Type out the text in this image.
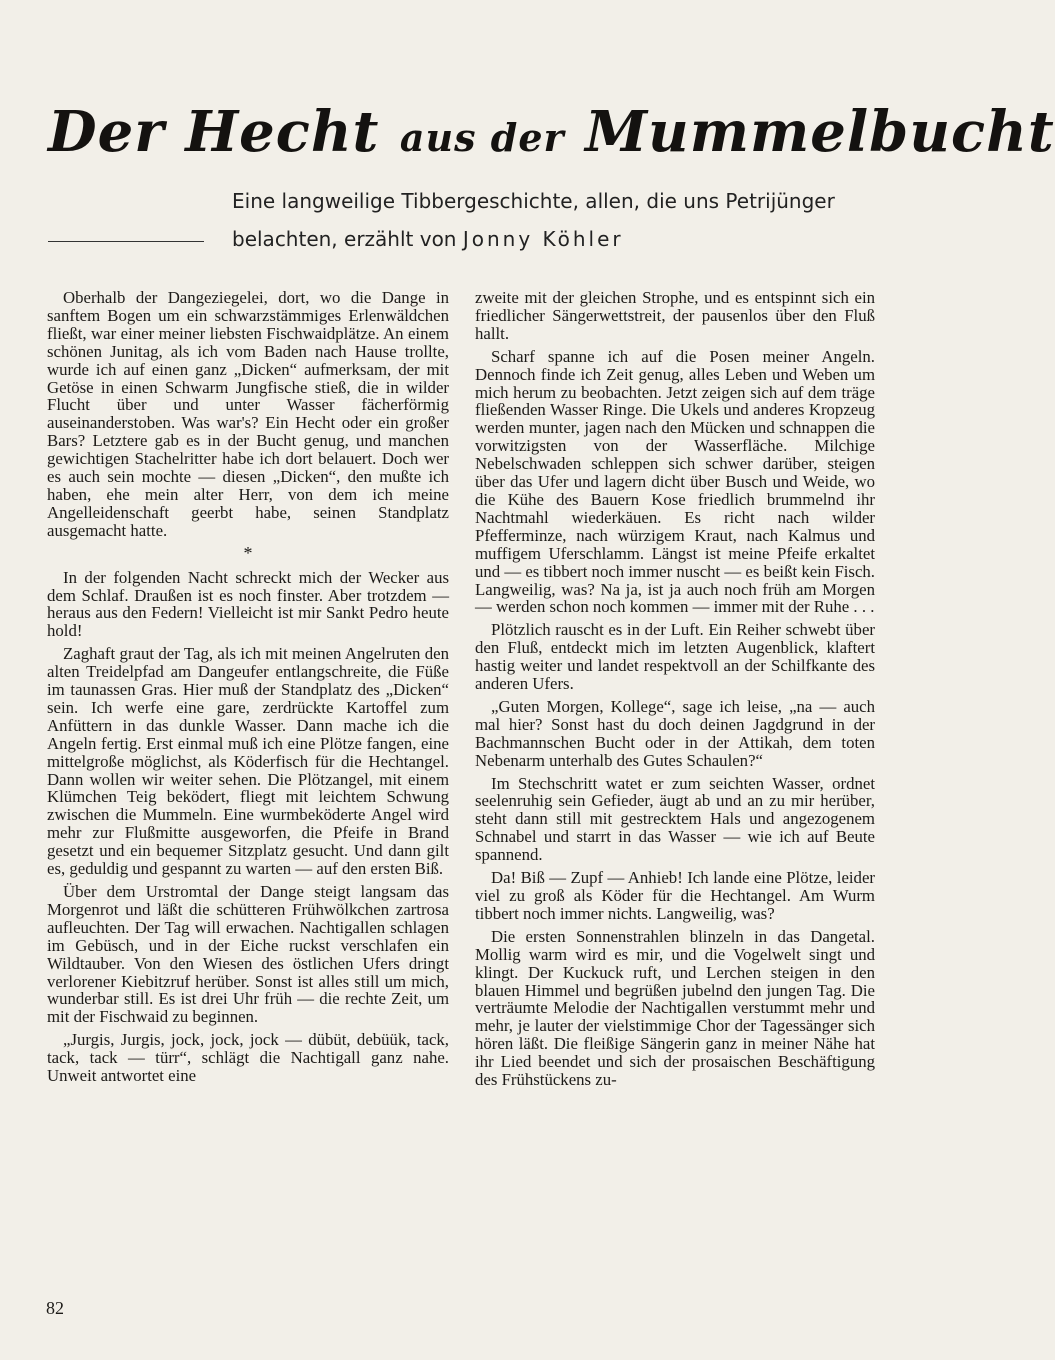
Der Hecht aus der Mummelbucht
Eine langweilige Tibbergeschichte, allen, die uns Petrijünger
belachten, erzählt von Jonny Köhler

Oberhalb der Dangeziegelei, dort, wo die Dange in sanftem Bogen um ein schwarzstämmiges Erlenwäldchen fließt, war einer meiner liebsten Fischwaidplätze. An einem schönen Junitag, als ich vom Baden nach Hause trollte, wurde ich auf einen ganz „Dicken“ aufmerksam, der mit Getöse in einen Schwarm Jungfische stieß, die in wilder Flucht über und unter Wasser fächerförmig auseinanderstoben. Was war's? Ein Hecht oder ein großer Bars? Letztere gab es in der Bucht genug, und manchen gewichtigen Stachelritter habe ich dort belauert. Doch wer es auch sein mochte — diesen „Dicken“, den mußte ich haben, ehe mein alter Herr, von dem ich meine Angelleidenschaft geerbt habe, seinen Standplatz ausgemacht hatte.

*

In der folgenden Nacht schreckt mich der Wecker aus dem Schlaf. Draußen ist es noch finster. Aber trotzdem — heraus aus den Federn! Vielleicht ist mir Sankt Pedro heute hold!

Zaghaft graut der Tag, als ich mit meinen Angelruten den alten Treidelpfad am Dangeufer entlangschreite, die Füße im taunassen Gras. Hier muß der Standplatz des „Dicken“ sein. Ich werfe eine gare, zerdrückte Kartoffel zum Anfüttern in das dunkle Wasser. Dann mache ich die Angeln fertig. Erst einmal muß ich eine Plötze fangen, eine mittelgroße möglichst, als Köderfisch für die Hechtangel. Dann wollen wir weiter sehen. Die Plötzangel, mit einem Klümchen Teig beködert, fliegt mit leichtem Schwung zwischen die Mummeln. Eine wurmbeköderte Angel wird mehr zur Flußmitte ausgeworfen, die Pfeife in Brand gesetzt und ein bequemer Sitzplatz gesucht. Und dann gilt es, geduldig und gespannt zu warten — auf den ersten Biß.

Über dem Urstromtal der Dange steigt langsam das Morgenrot und läßt die schütteren Frühwölkchen zartrosa aufleuchten. Der Tag will erwachen. Nachtigallen schlagen im Gebüsch, und in der Eiche ruckst verschlafen ein Wildtauber. Von den Wiesen des östlichen Ufers dringt verlorener Kiebitzruf herüber. Sonst ist alles still um mich, wunderbar still. Es ist drei Uhr früh — die rechte Zeit, um mit der Fischwaid zu beginnen.

„Jurgis, Jurgis, jock, jock, jock — dübüt, debüük, tack, tack, tack — türr“, schlägt die Nachtigall ganz nahe. Unweit antwortet eine

zweite mit der gleichen Strophe, und es entspinnt sich ein friedlicher Sängerwettstreit, der pausenlos über den Fluß hallt.

Scharf spanne ich auf die Posen meiner Angeln. Dennoch finde ich Zeit genug, alles Leben und Weben um mich herum zu beobachten. Jetzt zeigen sich auf dem träge fließenden Wasser Ringe. Die Ukels und anderes Kropzeug werden munter, jagen nach den Mücken und schnappen die vorwitzigsten von der Wasserfläche. Milchige Nebelschwaden schleppen sich schwer darüber, steigen über das Ufer und lagern dicht über Busch und Weide, wo die Kühe des Bauern Kose friedlich brummelnd ihr Nachtmahl wiederkäuen. Es richt nach wilder Pfefferminze, nach würzigem Kraut, nach Kalmus und muffigem Uferschlamm. Längst ist meine Pfeife erkaltet und — es tibbert noch immer nuscht — es beißt kein Fisch. Langweilig, was? Na ja, ist ja auch noch früh am Morgen — werden schon noch kommen — immer mit der Ruhe . . .

Plötzlich rauscht es in der Luft. Ein Reiher schwebt über den Fluß, entdeckt mich im letzten Augenblick, klaftert hastig weiter und landet respektvoll an der Schilfkante des anderen Ufers.

„Guten Morgen, Kollege“, sage ich leise, „na — auch mal hier? Sonst hast du doch deinen Jagdgrund in der Bachmannschen Bucht oder in der Attikah, dem toten Nebenarm unterhalb des Gutes Schaulen?“

Im Stechschritt watet er zum seichten Wasser, ordnet seelenruhig sein Gefieder, äugt ab und an zu mir herüber, steht dann still mit gestrecktem Hals und angezogenem Schnabel und starrt in das Wasser — wie ich auf Beute spannend.

Da! Biß — Zupf — Anhieb! Ich lande eine Plötze, leider viel zu groß als Köder für die Hechtangel. Am Wurm tibbert noch immer nichts. Langweilig, was?

Die ersten Sonnenstrahlen blinzeln in das Dangetal. Mollig warm wird es mir, und die Vogelwelt singt und klingt. Der Kuckuck ruft, und Lerchen steigen in den blauen Himmel und begrüßen jubelnd den jungen Tag. Die verträumte Melodie der Nachtigallen verstummt mehr und mehr, je lauter der vielstimmige Chor der Tagessänger sich hören läßt. Die fleißige Sängerin ganz in meiner Nähe hat ihr Lied beendet und sich der prosaischen Beschäftigung des Frühstückens zu-

82
